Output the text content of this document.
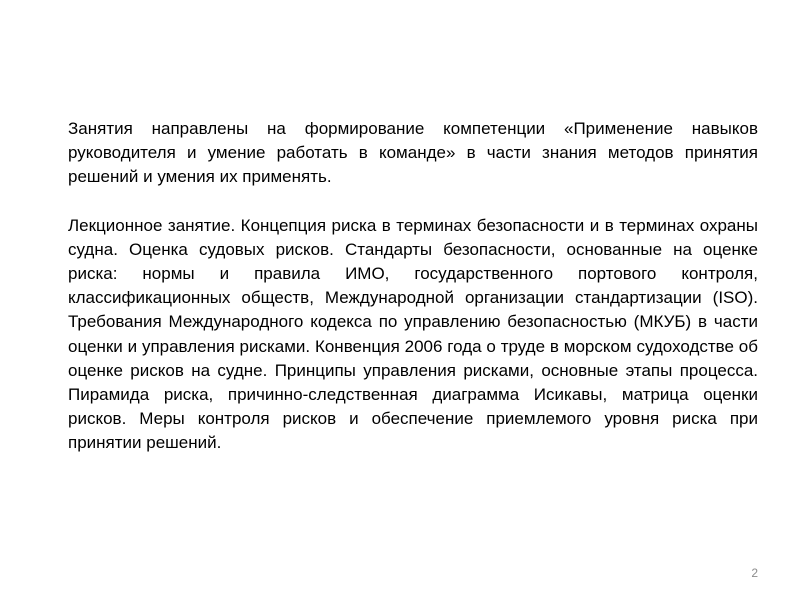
Занятия направлены на формирование компетенции «Применение навыков руководителя и умение работать в команде» в части знания методов принятия решений и умения их применять.

Лекционное занятие. Концепция риска в терминах безопасности и в терминах охраны судна. Оценка судовых рисков. Стандарты безопасности, основанные на оценке риска: нормы и правила ИМО, государственного портового контроля, классификационных обществ, Международной организации стандартизации (ISO). Требования Международного кодекса по управлению безопасностью (МКУБ) в части оценки и управления рисками. Конвенция 2006 года о труде в морском судоходстве об оценке рисков на судне. Принципы управления рисками, основные этапы процесса. Пирамида риска, причинно-следственная диаграмма Исикавы, матрица оценки рисков. Меры контроля рисков и обеспечение приемлемого уровня риска при принятии решений.

2
